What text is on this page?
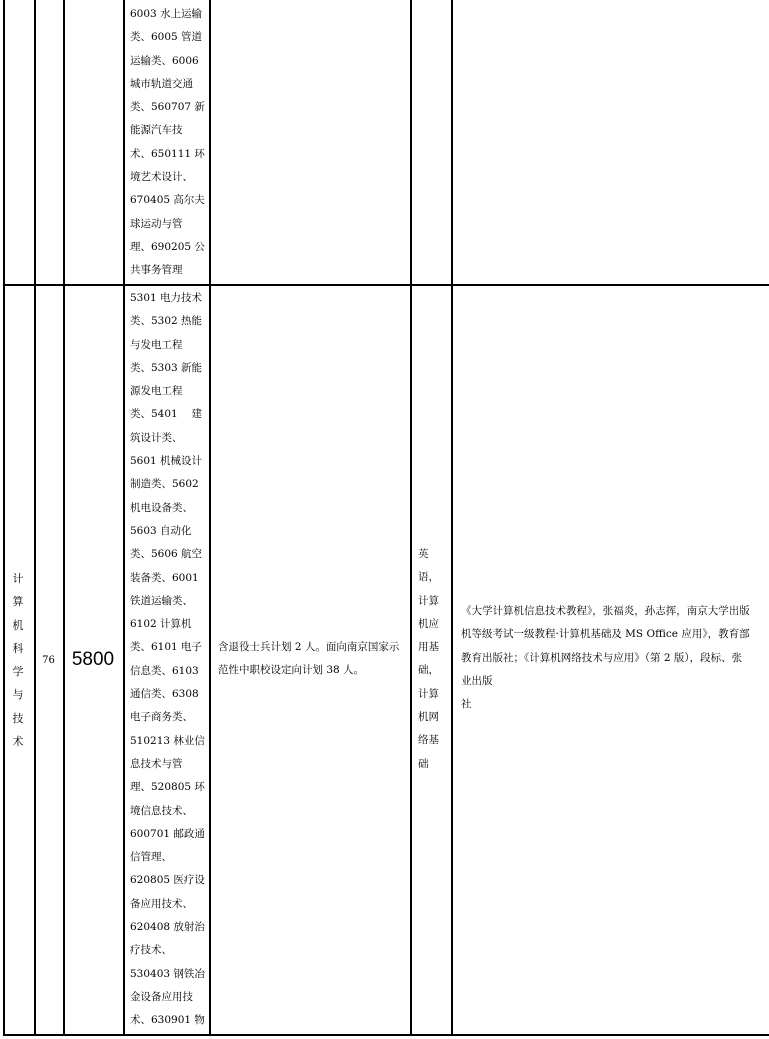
6003 水上运输
类、6005 管道
运输类、6006
城市轨道交通
类、560707 新
能源汽车技
术、650111 环
境艺术设计、
670405 高尔夫
球运动与管
理、690205 公
共事务管理
计
算
机
科
学
与
技
术
76 5800
5301 电力技术
类、5302 热能
与发电工程
类、5303 新能
源发电工程
类、5401　 建
筑设计类、
5601 机械设计
制造类、5602
机电设备类、
5603 自动化
类、5606 航空
装备类、6001
铁道运输类、
6102 计算机
类、6101 电子
信息类、6103
通信类、6308
电子商务类、
510213 林业信
息技术与管
理、520805 环
境信息技术、
600701 邮政通
信管理、
620805 医疗设
备应用技术、
620408 放射治
疗技术、
530403 钢铁冶
金设备应用技
术、630901 物
含退役士兵计划 2 人。面向南京国家示
范性中职校设定向计划 38 人。
英
语，
计算
机应
用基
础，
计算
机网
络基
础
《大学计算机信息技术教程》，张福炎，孙志挥，南京大学出版
机等级考试一级教程·计算机基础及 MS Office 应用》，教育部
教育出版社；《计算机网络技术与应用》（第 2 版），段标、张
业出版
社
